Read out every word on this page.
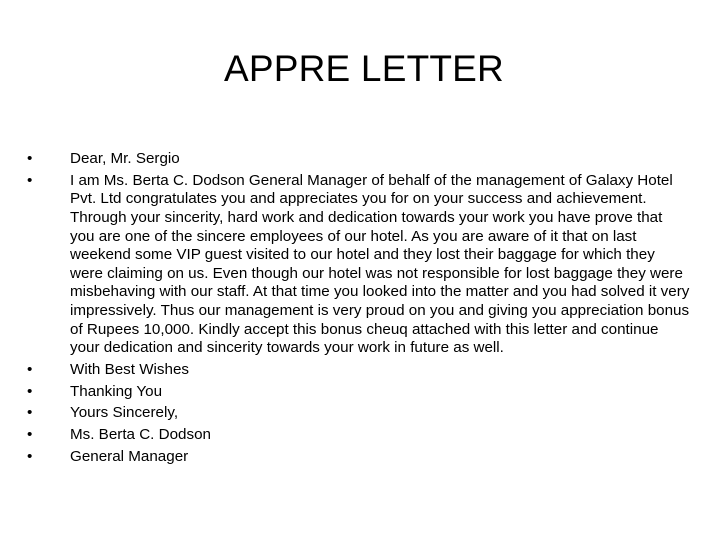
APPRE LETTER
•	Dear, Mr. Sergio
•	I am Ms. Berta C. Dodson General Manager of behalf of the management of Galaxy Hotel Pvt. Ltd congratulates you and appreciates you for on your success and achievement. Through your sincerity, hard work and dedication towards your work you have prove that you are one of the sincere employees of our hotel. As you are aware of it that on last weekend some VIP guest visited to our hotel and they lost their baggage for which they were claiming on us. Even though our hotel was not responsible for lost baggage they were misbehaving with our staff. At that time you looked into the matter and you had solved it very impressively. Thus our management is very proud on you and giving you appreciation bonus of Rupees 10,000. Kindly accept this bonus cheuq attached with this letter and continue your dedication and sincerity towards your work in future as well.
•	With Best Wishes
•	Thanking You
•	Yours Sincerely,
•	Ms. Berta C. Dodson
•	General Manager
